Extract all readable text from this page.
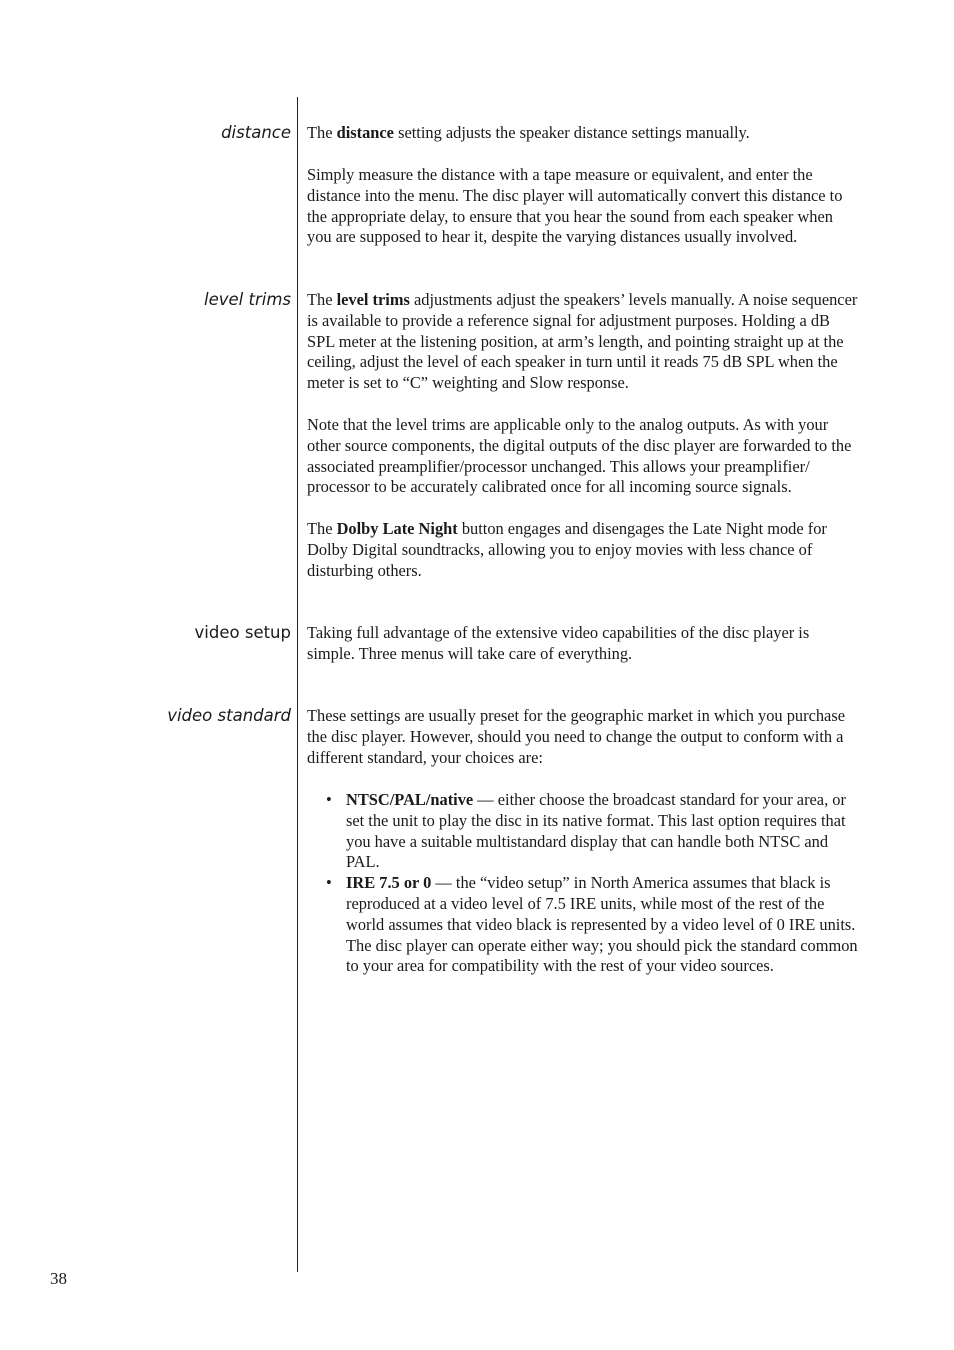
distance The distance setting adjusts the speaker distance settings manually.

Simply measure the distance with a tape measure or equivalent, and enter the distance into the menu. The disc player will automatically convert this distance to the appropriate delay, to ensure that you hear the sound from each speaker when you are supposed to hear it, despite the varying distances usually involved.

level trims The level trims adjustments adjust the speakers’ levels manually. A noise sequencer is available to provide a reference signal for adjustment purposes. Holding a dB SPL meter at the listening position, at arm’s length, and pointing straight up at the ceiling, adjust the level of each speaker in turn until it reads 75 dB SPL when the meter is set to “C” weighting and Slow response.

Note that the level trims are applicable only to the analog outputs. As with your other source components, the digital outputs of the disc player are forwarded to the associated preamplifier/processor unchanged. This allows your preamplifier/ processor to be accurately calibrated once for all incoming source signals.

The Dolby Late Night button engages and disengages the Late Night mode for Dolby Digital soundtracks, allowing you to enjoy movies with less chance of disturbing others.

video setup Taking full advantage of the extensive video capabilities of the disc player is simple. Three menus will take care of everything.

video standard These settings are usually preset for the geographic market in which you purchase the disc player. However, should you need to change the output to conform with a different standard, your choices are:

• NTSC/PAL/native — either choose the broadcast standard for your area, or set the unit to play the disc in its native format. This last option requires that you have a suitable multistandard display that can handle both NTSC and PAL.
• IRE 7.5 or 0 — the “video setup” in North America assumes that black is reproduced at a video level of 7.5 IRE units, while most of the rest of the world assumes that video black is represented by a video level of 0 IRE units. The disc player can operate either way; you should pick the standard common to your area for compatibility with the rest of your video sources.
38
